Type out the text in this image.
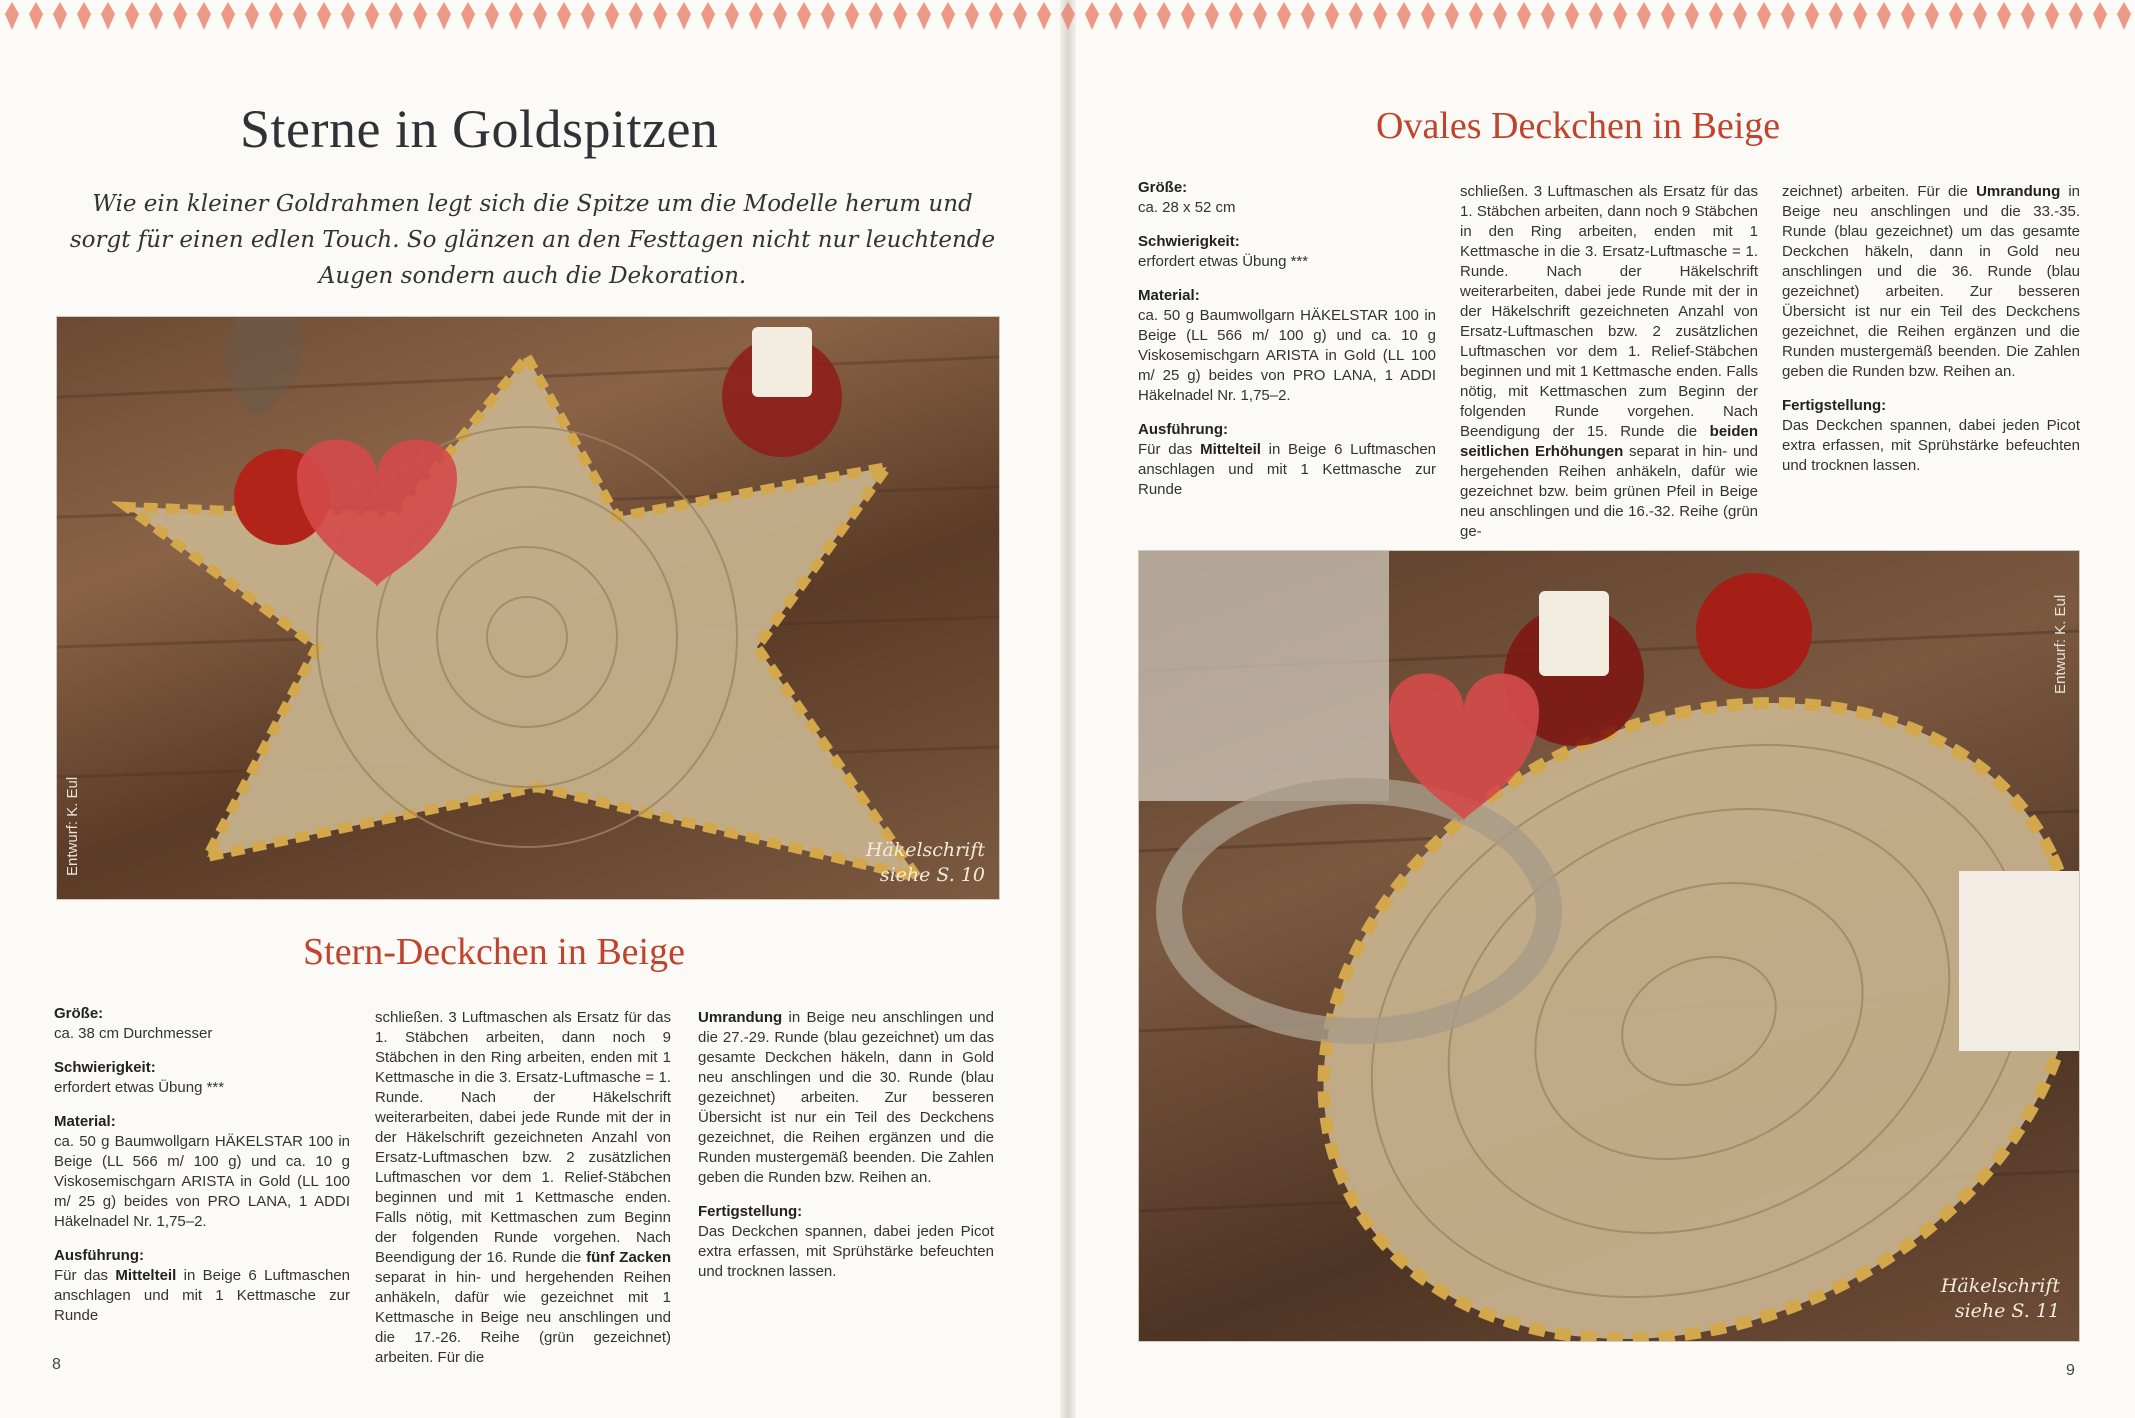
Sterne in Goldspitzen
Wie ein kleiner Goldrahmen legt sich die Spitze um die Modelle herum und sorgt für einen edlen Touch. So glänzen an den Festtagen nicht nur leuchtende Augen sondern auch die Dekoration.
Entwurf: K. Eul	Häkelschrift
siehe S. 10
Stern-Deckchen in Beige
Größe:

ca. 38 cm Durchmesser

Schwierigkeit:

erfordert etwas Übung ***

Material:

ca. 50 g Baumwollgarn HÄKELSTAR 100 in Beige (LL 566 m/ 100 g) und ca. 10 g Viskosemischgarn ARISTA in Gold (LL 100 m/ 25 g) beides von PRO LANA, 1 ADDI Häkelnadel Nr. 1,75–2.

Ausführung:

Für das Mittelteil in Beige 6 Luftmaschen anschlagen und mit 1 Kettmasche zur Runde

schließen. 3 Luftmaschen als Ersatz für das 1. Stäbchen arbeiten, dann noch 9 Stäbchen in den Ring arbeiten, enden mit 1 Kettmasche in die 3. Ersatz-Luftmasche = 1. Runde. Nach der Häkelschrift weiterarbeiten, dabei jede Runde mit der in der Häkelschrift gezeichneten Anzahl von Ersatz-Luftmaschen bzw. 2 zusätzlichen Luftmaschen vor dem 1. Relief-Stäbchen beginnen und mit 1 Kettmasche enden. Falls nötig, mit Kettmaschen zum Beginn der folgenden Runde vorgehen. Nach Beendigung der 16. Runde die fünf Zacken separat in hin- und hergehenden Reihen anhäkeln, dafür wie gezeichnet mit 1 Kettmasche in Beige neu anschlingen und die 17.-26. Reihe (grün gezeichnet) arbeiten. Für die

Umrandung in Beige neu anschlingen und die 27.-29. Runde (blau gezeichnet) um das gesamte Deckchen häkeln, dann in Gold neu anschlingen und die 30. Runde (blau gezeichnet) arbeiten. Zur besseren Übersicht ist nur ein Teil des Deckchens gezeichnet, die Reihen ergänzen und die Runden mustergemäß beenden. Die Zahlen geben die Runden bzw. Reihen an.

Fertigstellung:

Das Deckchen spannen, dabei jeden Picot extra erfassen, mit Sprühstärke befeuchten und trocknen lassen.

8
Ovales Deckchen in Beige
Größe:

ca. 28 x 52 cm

Schwierigkeit:

erfordert etwas Übung ***

Material:

ca. 50 g Baumwollgarn HÄKELSTAR 100 in Beige (LL 566 m/ 100 g) und ca. 10 g Viskosemischgarn ARISTA in Gold (LL 100 m/ 25 g) beides von PRO LANA, 1 ADDI Häkelnadel Nr. 1,75–2.

Ausführung:

Für das Mittelteil in Beige 6 Luftmaschen anschlagen und mit 1 Kettmasche zur Runde

schließen. 3 Luftmaschen als Ersatz für das 1. Stäbchen arbeiten, dann noch 9 Stäbchen in den Ring arbeiten, enden mit 1 Kettmasche in die 3. Ersatz-Luftmasche = 1. Runde. Nach der Häkelschrift weiterarbeiten, dabei jede Runde mit der in der Häkelschrift gezeichneten Anzahl von Ersatz-Luftmaschen bzw. 2 zusätzlichen Luftmaschen vor dem 1. Relief-Stäbchen beginnen und mit 1 Kettmasche enden. Falls nötig, mit Kettmaschen zum Beginn der folgenden Runde vorgehen. Nach Beendigung der 15. Runde die beiden seitlichen Erhöhungen separat in hin- und hergehenden Reihen anhäkeln, dafür wie gezeichnet bzw. beim grünen Pfeil in Beige neu anschlingen und die 16.-32. Reihe (grün ge-

zeichnet) arbeiten. Für die Umrandung in Beige neu anschlingen und die 33.-35. Runde (blau gezeichnet) um das gesamte Deckchen häkeln, dann in Gold neu anschlingen und die 36. Runde (blau gezeichnet) arbeiten. Zur besseren Übersicht ist nur ein Teil des Deckchens gezeichnet, die Reihen ergänzen und die Runden mustergemäß beenden. Die Zahlen geben die Runden bzw. Reihen an.

Fertigstellung:

Das Deckchen spannen, dabei jeden Picot extra erfassen, mit Sprühstärke befeuchten und trocknen lassen.

Entwurf: K. Eul
Häkelschrift
siehe S. 11
9
